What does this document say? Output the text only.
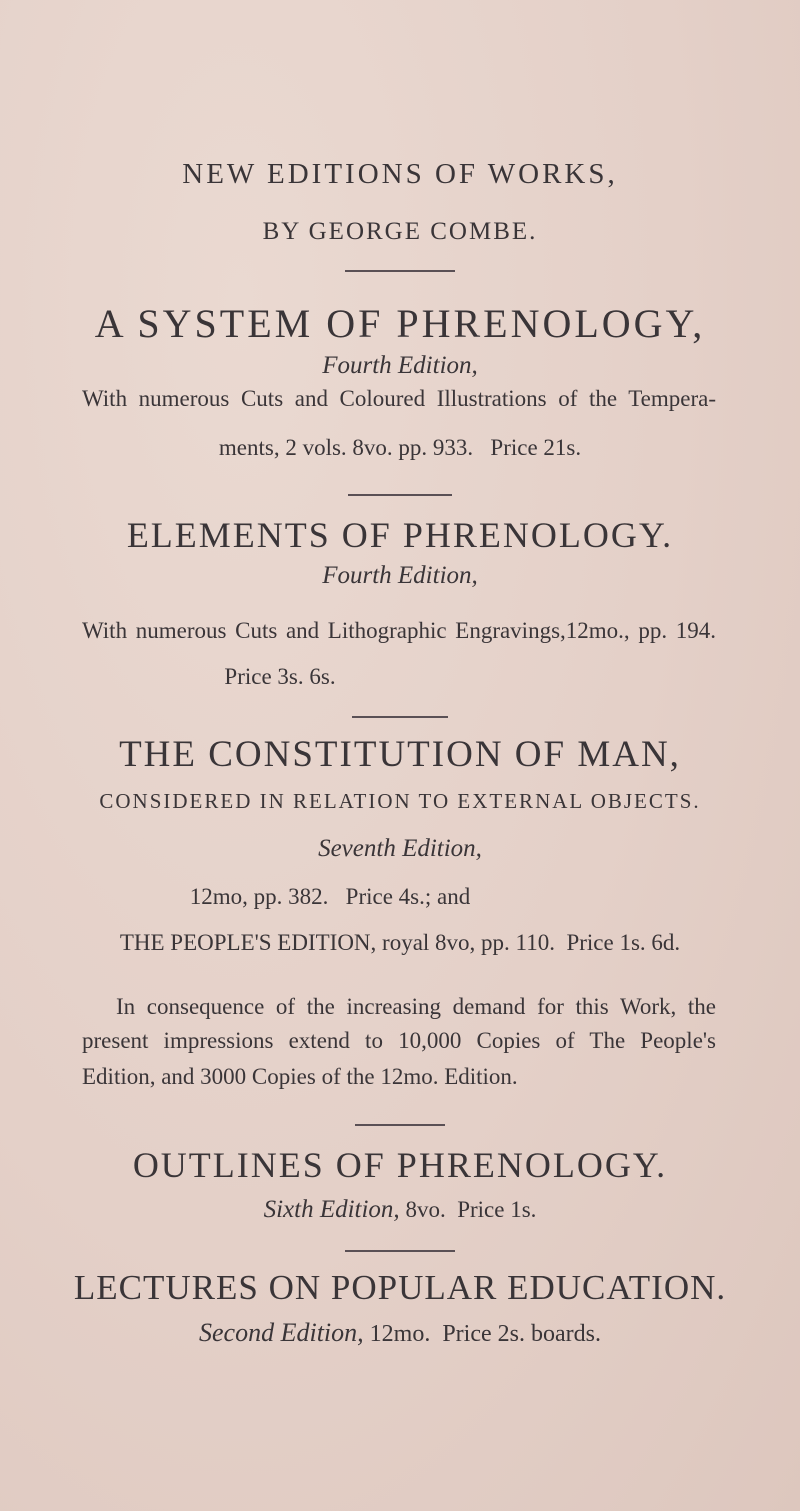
NEW EDITIONS OF WORKS,
BY GEORGE COMBE.
A SYSTEM OF PHRENOLOGY,
Fourth Edition,
With numerous Cuts and Coloured Illustrations of the Tempera-
ments, 2 vols. 8vo. pp. 933.   Price 21s.
ELEMENTS OF PHRENOLOGY.
Fourth Edition,
With numerous Cuts and Lithographic Engravings,12mo., pp. 194.
Price 3s. 6s.
THE CONSTITUTION OF MAN,
CONSIDERED IN RELATION TO EXTERNAL OBJECTS.
Seventh Edition,
12mo, pp. 382.   Price 4s.; and
THE PEOPLE'S EDITION, royal 8vo, pp. 110.  Price 1s. 6d.
In consequence of the increasing demand for this Work, the
present impressions extend to 10,000 Copies of The People's
Edition, and 3000 Copies of the 12mo. Edition.
OUTLINES OF PHRENOLOGY.
Sixth Edition, 8vo.  Price 1s.
LECTURES ON POPULAR EDUCATION.
Second Edition, 12mo.  Price 2s. boards.
